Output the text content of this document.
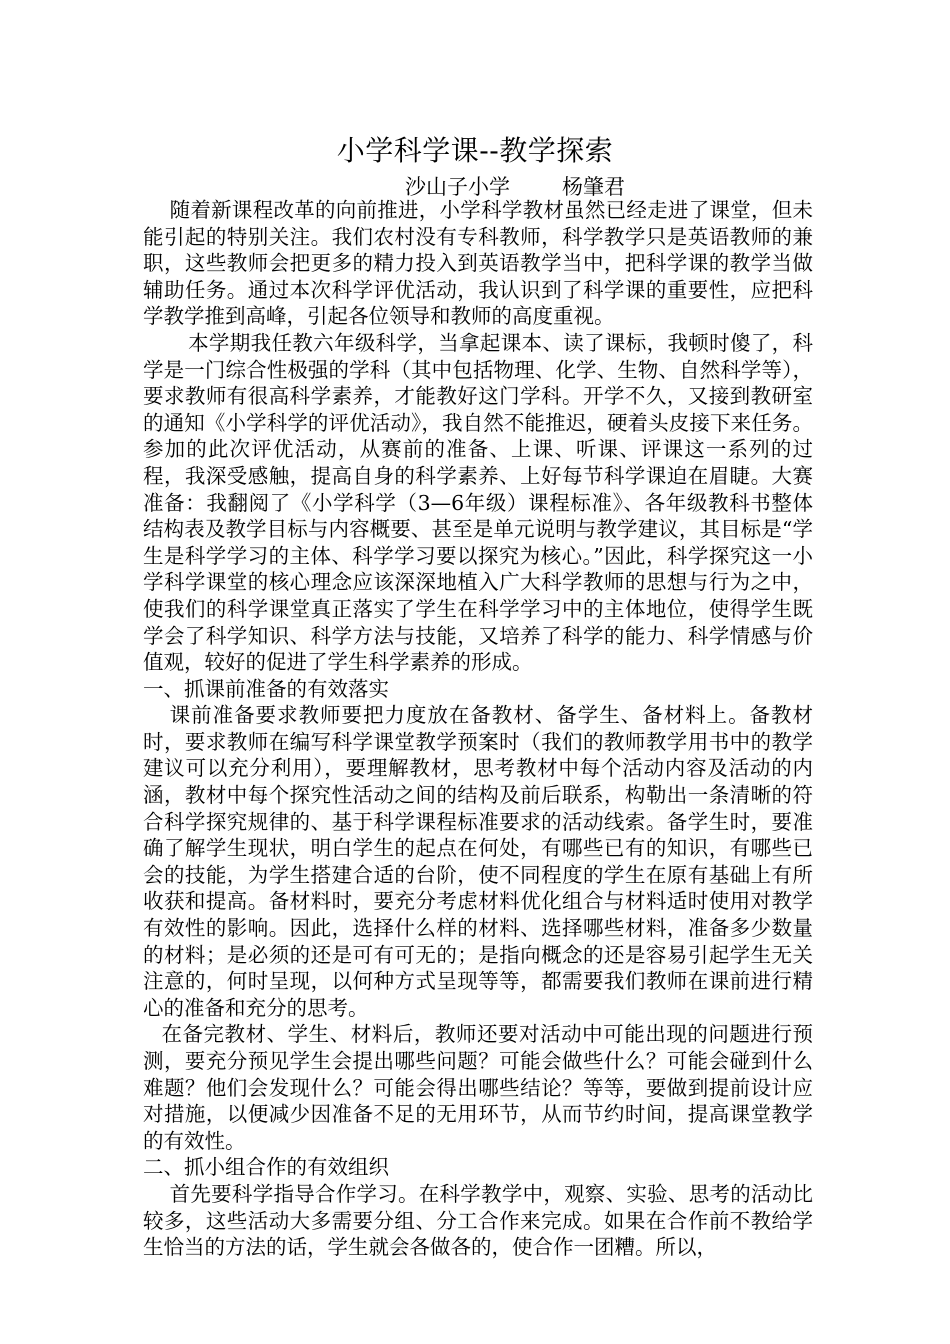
小学科学课--教学探索
沙山子小学 杨肇君

随着新课程改革的向前推进，小学科学教材虽然已经走进了课堂，但未能引起的特别关注。我们农村没有专科教师，科学教学只是英语教师的兼职，这些教师会把更多的精力投入到英语教学当中，把科学课的教学当做辅助任务。通过本次科学评优活动，我认识到了科学课的重要性，应把科学教学推到高峰，引起各位领导和教师的高度重视。

本学期我任教六年级科学，当拿起课本、读了课标，我顿时傻了，科学是一门综合性极强的学科（其中包括物理、化学、生物、自然科学等），要求教师有很高科学素养，才能教好这门学科。开学不久，又接到教研室的通知《小学科学的评优活动》，我自然不能推迟，硬着头皮接下来任务。参加的此次评优活动，从赛前的准备、上课、听课、评课这一系列的过程，我深受感触，提高自身的科学素养、上好每节科学课迫在眉睫。大赛准备：我翻阅了《小学科学（3—6年级）课程标准》、各年级教科书整体结构表及教学目标与内容概要、甚至是单元说明与教学建议，其目标是“学生是科学学习的主体、科学学习要以探究为核心。”因此，科学探究这一小学科学课堂的核心理念应该深深地植入广大科学教师的思想与行为之中，使我们的科学课堂真正落实了学生在科学学习中的主体地位，使得学生既学会了科学知识、科学方法与技能，又培养了科学的能力、科学情感与价值观，较好的促进了学生科学素养的形成。

一、抓课前准备的有效落实

课前准备要求教师要把力度放在备教材、备学生、备材料上。备教材时，要求教师在编写科学课堂教学预案时（我们的教师教学用书中的教学建议可以充分利用），要理解教材，思考教材中每个活动内容及活动的内涵，教材中每个探究性活动之间的结构及前后联系，构勒出一条清晰的符合科学探究规律的、基于科学课程标准要求的活动线索。备学生时，要准确了解学生现状，明白学生的起点在何处，有哪些已有的知识，有哪些已会的技能，为学生搭建合适的台阶，使不同程度的学生在原有基础上有所收获和提高。备材料时，要充分考虑材料优化组合与材料适时使用对教学有效性的影响。因此，选择什么样的材料、选择哪些材料，准备多少数量的材料；是必须的还是可有可无的；是指向概念的还是容易引起学生无关注意的，何时呈现，以何种方式呈现等等，都需要我们教师在课前进行精心的准备和充分的思考。

在备完教材、学生、材料后，教师还要对活动中可能出现的问题进行预测，要充分预见学生会提出哪些问题？可能会做些什么？可能会碰到什么难题？他们会发现什么？可能会得出哪些结论？等等，要做到提前设计应对措施，以便减少因准备不足的无用环节，从而节约时间，提高课堂教学的有效性。

二、抓小组合作的有效组织

首先要科学指导合作学习。在科学教学中，观察、实验、思考的活动比较多，这些活动大多需要分组、分工合作来完成。如果在合作前不教给学生恰当的方法的话，学生就会各做各的，使合作一团糟。所以，
